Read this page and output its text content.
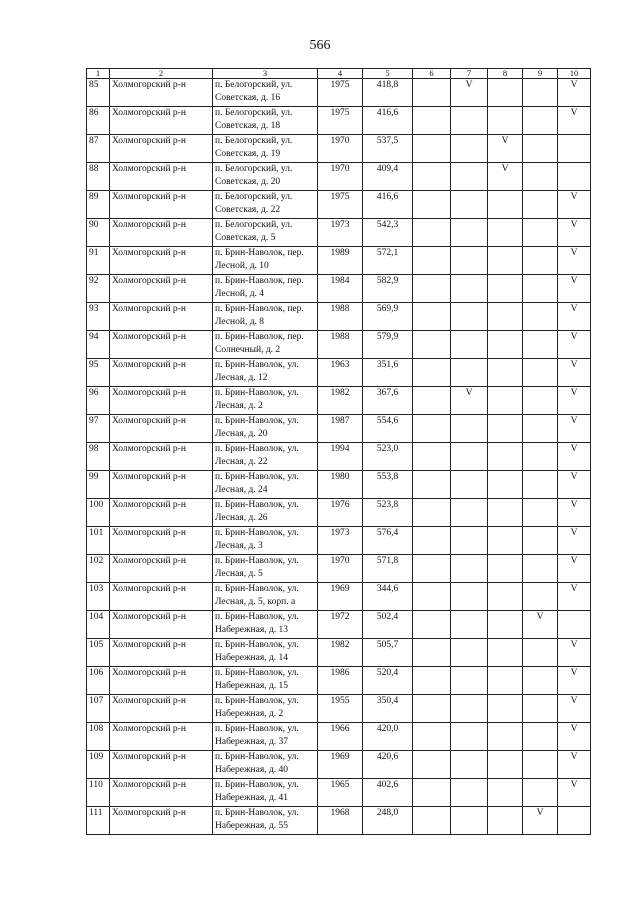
566
1	2	3	4	5	6	7	8	9	10
85	Холмогорский р-н	п. Белогорский, ул.
Советская, д. 16	1975	418,8		V			V

86	Холмогорский р-н	п. Белогорский, ул.
Советская, д. 18	1975	416,6					V

87	Холмогорский р-н	п. Белогорский, ул.
Советская, д. 19	1970	537,5			V		

88	Холмогорский р-н	п. Белогорский, ул.
Советская, д. 20	1970	409,4			V		

89	Холмогорский р-н	п. Белогорский, ул.
Советская, д. 22	1975	416,6					V

90	Холмогорский р-н	п. Белогорский, ул.
Советская, д. 5	1973	542,3					V

91	Холмогорский р-н	п. Брин-Наволок, пер.
Лесной, д. 10	1989	572,1					V

92	Холмогорский р-н	п. Брин-Наволок, пер.
Лесной, д. 4	1984	582,9					V

93	Холмогорский р-н	п. Брин-Наволок, пер.
Лесной, д. 8	1988	569,9					V

94	Холмогорский р-н	п. Брин-Наволок, пер.
Солнечный, д. 2	1988	579,9					V

95	Холмогорский р-н	п. Брин-Наволок, ул.
Лесная, д. 12	1963	351,6					V

96	Холмогорский р-н	п. Брин-Наволок, ул.
Лесная, д. 2	1982	367,6		V			V

97	Холмогорский р-н	п. Брин-Наволок, ул.
Лесная, д. 20	1987	554,6					V

98	Холмогорский р-н	п. Брин-Наволок, ул.
Лесная, д. 22	1994	523,0					V

99	Холмогорский р-н	п. Брин-Наволок, ул.
Лесная, д. 24	1980	553,8					V

100	Холмогорский р-н	п. Брин-Наволок, ул.
Лесная, д. 26	1976	523,8					V

101	Холмогорский р-н	п. Брин-Наволок, ул.
Лесная, д. 3	1973	576,4					V

102	Холмогорский р-н	п. Брин-Наволок, ул.
Лесная, д. 5	1970	571,8					V

103	Холмогорский р-н	п. Брин-Наволок, ул.
Лесная, д. 5, корп. а	1969	344,6					V

104	Холмогорский р-н	п. Брин-Наволок, ул.
Набережная, д. 13	1972	502,4				V	

105	Холмогорский р-н	п. Брин-Наволок, ул.
Набережная, д. 14	1982	505,7					V

106	Холмогорский р-н	п. Брин-Наволок, ул.
Набережная, д. 15	1986	520,4					V

107	Холмогорский р-н	п. Брин-Наволок, ул.
Набережная, д. 2	1955	350,4					V

108	Холмогорский р-н	п. Брин-Наволок, ул.
Набережная, д. 37	1966	420,0					V

109	Холмогорский р-н	п. Брин-Наволок, ул.
Набережная, д. 40	1969	420,6					V

110	Холмогорский р-н	п. Брин-Наволок, ул.
Набережная, д. 41	1965	402,6					V

111	Холмогорский р-н	п. Брин-Наволок, ул.
Набережная, д. 55	1968	248,0				V	
